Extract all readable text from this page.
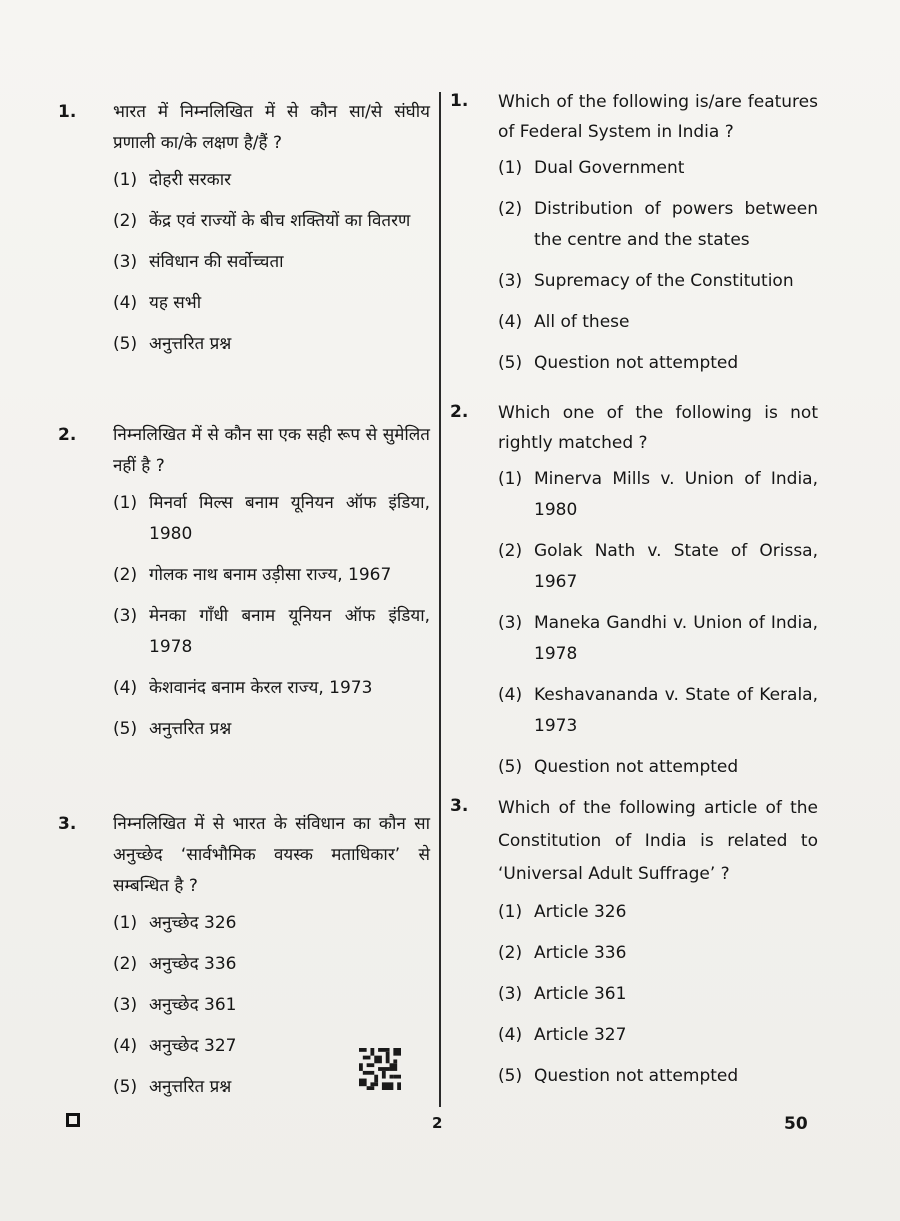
1. भारत में निम्नलिखित में से कौन सा/से संघीय प्रणाली का/के लक्षण है/हैं ?
(1) दोहरी सरकार
(2) केंद्र एवं राज्यों के बीच शक्तियों का वितरण
(3) संविधान की सर्वोच्चता
(4) यह सभी
(5) अनुत्तरित प्रश्न
2. निम्नलिखित में से कौन सा एक सही रूप से सुमेलित नहीं है ?
(1) मिनर्वा मिल्स बनाम यूनियन ऑफ इंडिया, 1980
(2) गोलक नाथ बनाम उड़ीसा राज्य, 1967
(3) मेनका गाँधी बनाम यूनियन ऑफ इंडिया, 1978
(4) केशवानंद बनाम केरल राज्य, 1973
(5) अनुत्तरित प्रश्न
3. निम्नलिखित में से भारत के संविधान का कौन सा अनुच्छेद ‘सार्वभौमिक वयस्क मताधिकार’ से सम्बन्धित है ?
(1) अनुच्छेद 326
(2) अनुच्छेद 336
(3) अनुच्छेद 361
(4) अनुच्छेद 327
(5) अनुत्तरित प्रश्न
1. Which of the following is/are features of Federal System in India ?
(1) Dual Government
(2) Distribution of powers between the centre and the states
(3) Supremacy of the Constitution
(4) All of these
(5) Question not attempted
2. Which one of the following is not rightly matched ?
(1) Minerva Mills v. Union of India, 1980
(2) Golak Nath v. State of Orissa, 1967
(3) Maneka Gandhi v. Union of India, 1978
(4) Keshavananda v. State of Kerala, 1973
(5) Question not attempted
3. Which of the following article of the Constitution of India is related to ‘Universal Adult Suffrage’ ?
(1) Article 326
(2) Article 336
(3) Article 361
(4) Article 327
(5) Question not attempted
2	50
